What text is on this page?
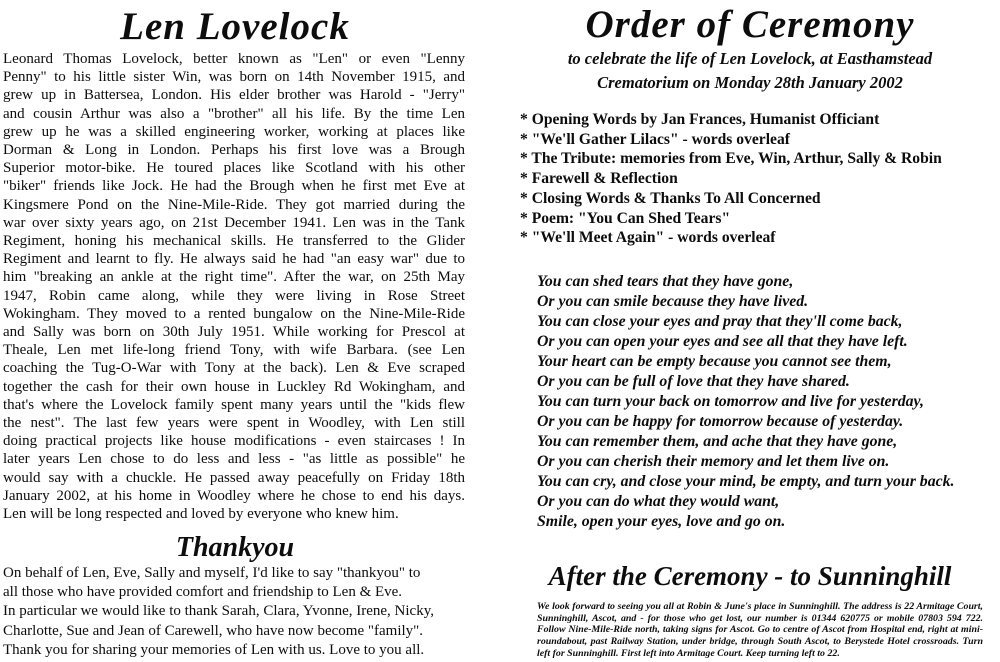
Len Lovelock
Leonard Thomas Lovelock, better known as "Len" or even "Lenny
Penny" to his little sister Win, was born on 14th November 1915, and
grew up in Battersea, London. His elder brother was Harold - "Jerry"
and cousin Arthur was also a "brother" all his life. By the time Len
grew up he was a skilled engineering worker, working at places like
Dorman & Long in London. Perhaps his first love was a Brough
Superior motor-bike. He toured places like Scotland with his other
"biker" friends like Jock. He had the Brough when he first met Eve at
Kingsmere Pond on the Nine-Mile-Ride. They got married during the
war over sixty years ago, on 21st December 1941. Len was in the Tank
Regiment, honing his mechanical skills. He transferred to the Glider
Regiment and learnt to fly. He always said he had "an easy war" due to
him "breaking an ankle at the right time". After the war, on 25th May
1947, Robin came along, while they were living in Rose Street
Wokingham. They moved to a rented bungalow on the Nine-Mile-Ride
and Sally was born on 30th July 1951. While working for Prescol at
Theale, Len met life-long friend Tony, with wife Barbara. (see Len
coaching the Tug-O-War with Tony at the back). Len & Eve scraped
together the cash for their own house in Luckley Rd Wokingham, and
that's where the Lovelock family spent many years until the "kids flew
the nest". The last few years were spent in Woodley, with Len still
doing practical projects like house modifications - even staircases ! In
later years Len chose to do less and less - "as little as possible" he
would say with a chuckle. He passed away peacefully on Friday 18th
January 2002, at his home in Woodley where he chose to end his days.
Len will be long respected and loved by everyone who knew him.
Thankyou
On behalf of Len, Eve, Sally and myself, I'd like to say "thankyou" to
all those who have provided comfort and friendship to Len & Eve.
In particular we would like to thank Sarah, Clara, Yvonne, Irene, Nicky,
Charlotte, Sue and Jean of Carewell, who have now become "family".
Thank you for sharing your memories of Len with us. Love to you all.
Order of Ceremony
to celebrate the life of Len Lovelock, at Easthamstead
Crematorium on Monday 28th January 2002
* Opening Words by Jan Frances, Humanist Officiant
* "We'll Gather Lilacs" - words overleaf
* The Tribute: memories from Eve, Win, Arthur, Sally & Robin
* Farewell & Reflection
* Closing Words & Thanks To All Concerned
* Poem: "You Can Shed Tears"
* "We'll Meet Again" - words overleaf
You can shed tears that they have gone,
Or you can smile because they have lived.
You can close your eyes and pray that they'll come back,
Or you can open your eyes and see all that they have left.
Your heart can be empty because you cannot see them,
Or you can be full of love that they have shared.
You can turn your back on tomorrow and live for yesterday,
Or you can be happy for tomorrow because of yesterday.
You can remember them, and ache that they have gone,
Or you can cherish their memory and let them live on.
You can cry, and close your mind, be empty, and turn your back.
Or you can do what they would want,
Smile, open your eyes, love and go on.
After the Ceremony - to Sunninghill

We look forward to seeing you all at Robin & June's place in Sunninghill. The address is 22 Armitage Court, Sunninghill, Ascot, and - for those who get lost, our number is 01344 620775 or mobile 07803 594 722. Follow Nine-Mile-Ride north, taking signs for Ascot. Go to centre of Ascot from Hospital end, right at mini-roundabout, past Railway Station, under bridge, through South Ascot, to Berystede Hotel crossroads. Turn left for Sunninghill. First left into Armitage Court. Keep turning left to 22.
